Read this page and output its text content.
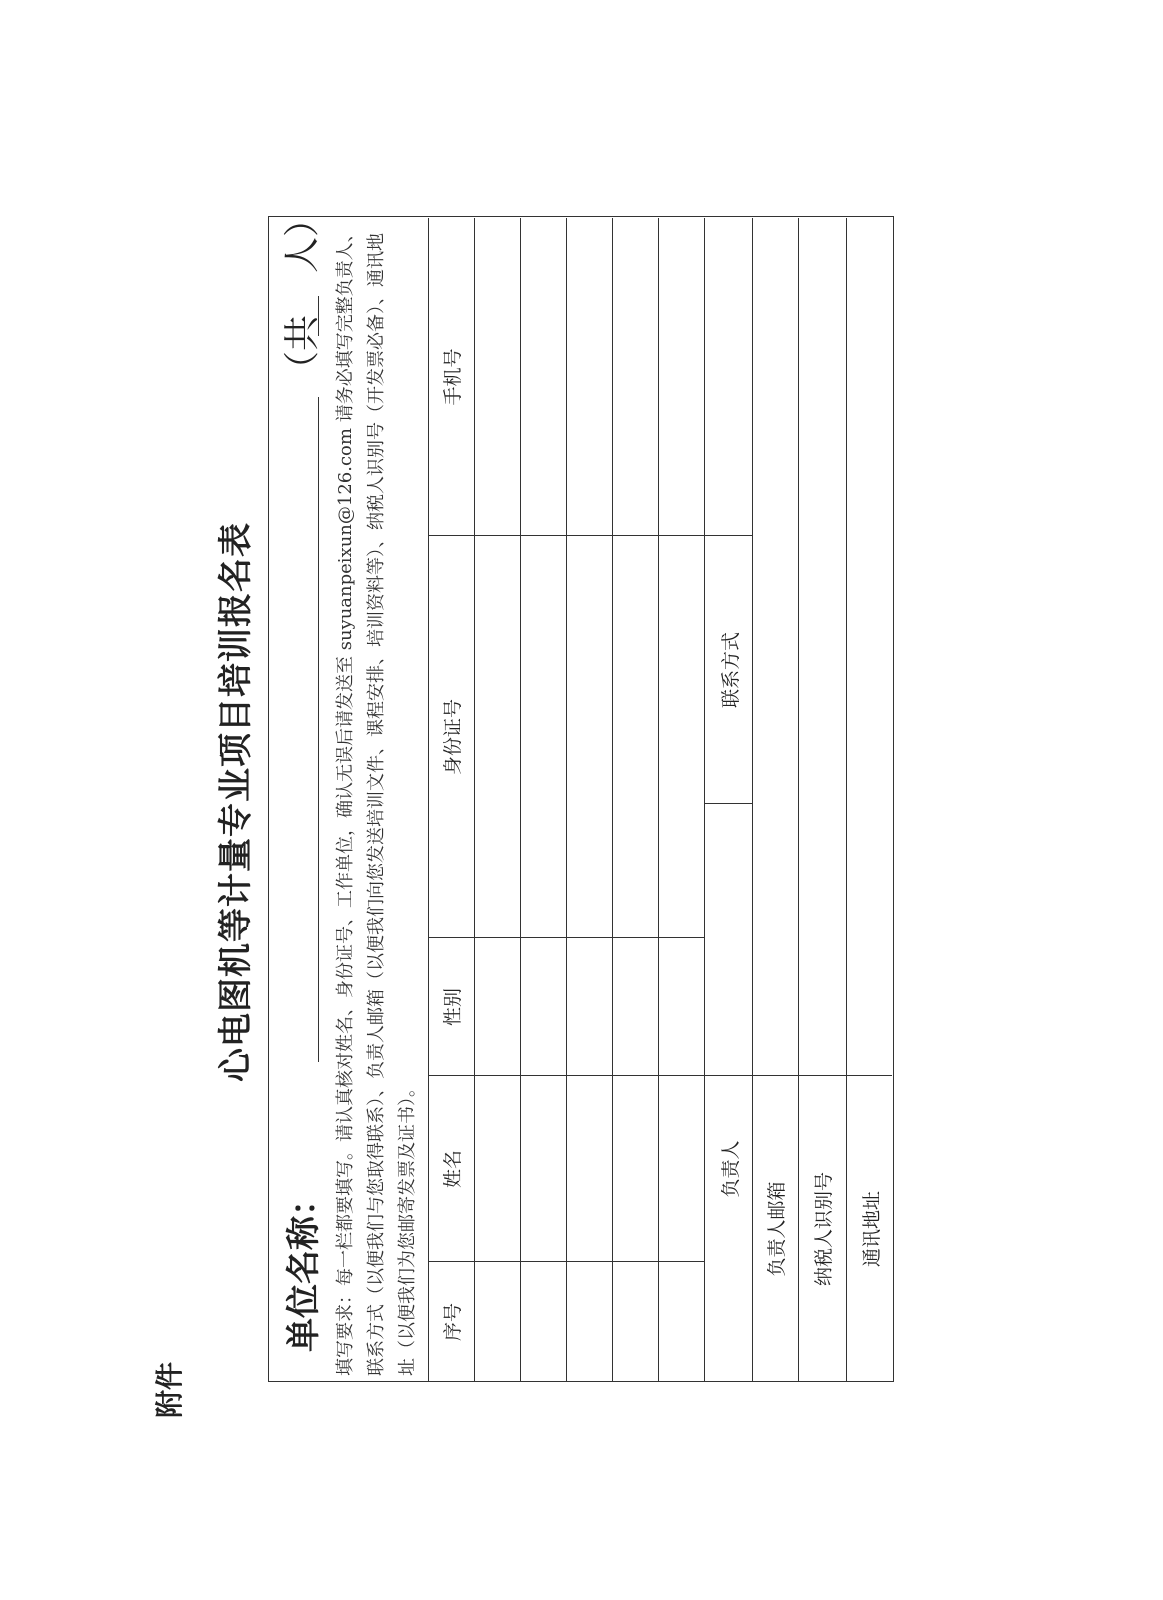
附件
心电图机等计量专业项目培训报名表
单位名称：
（共人） 填写要求：每一栏都要填写。请认真核对姓名、身份证号、工作单位，确认无误后请发送至 suyuanpeixun@126.com 请务必填写完整负责人、联系方式（以便我们与您取得联系）、负责人邮箱（以便我们向您发送培训文件、课程安排、培训资料等）、纳税人识别号（开发票必备）、通讯地址（以便我们为您邮寄发票及证书）。 序号
姓名
性别
身份证号
手机号
负责人
联系方式
负责人邮箱 纳税人识别号 通讯地址
